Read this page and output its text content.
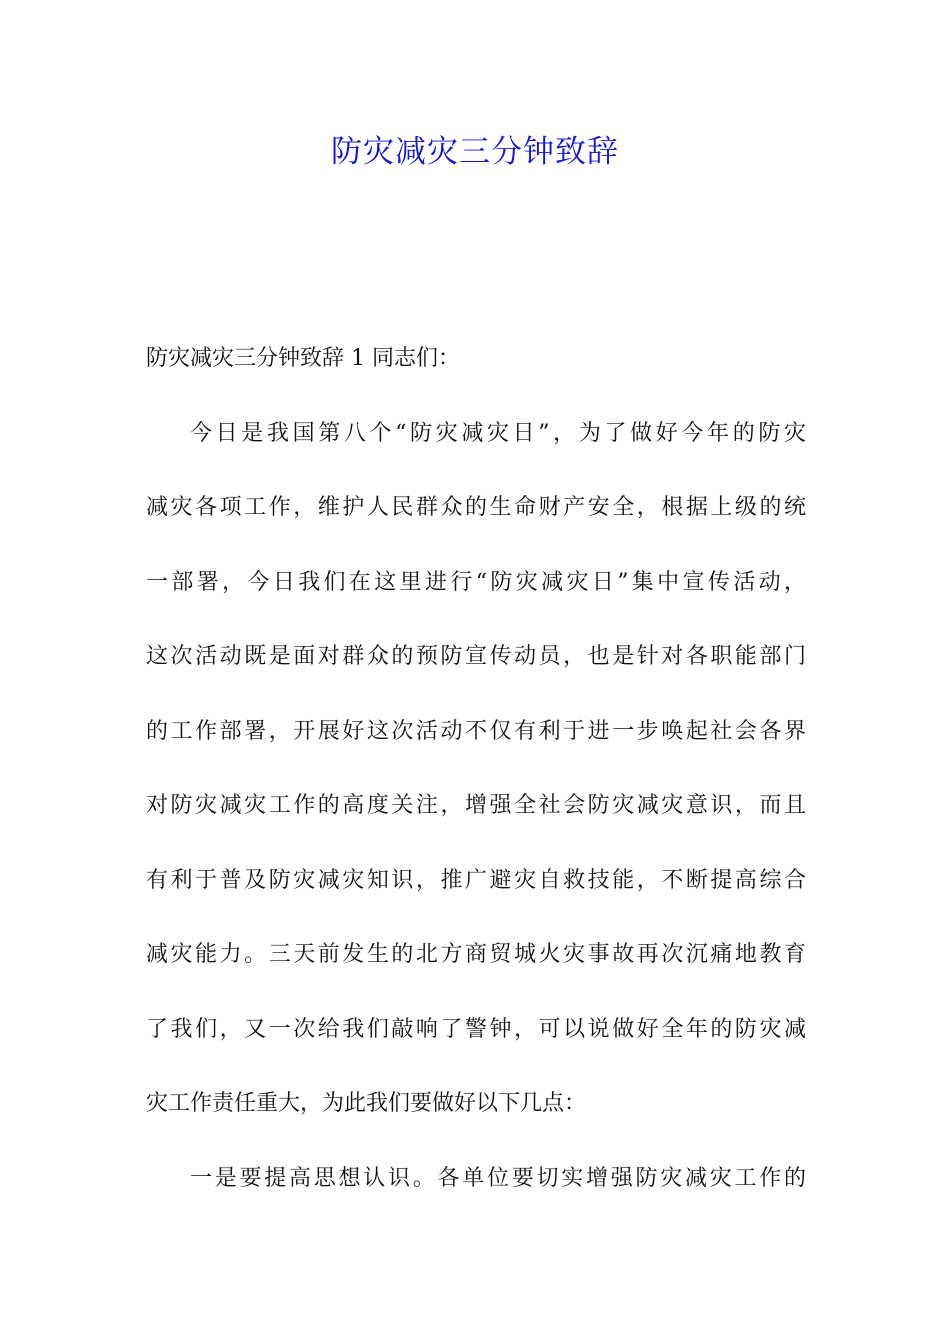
防灾减灾三分钟致辞
防灾减灾三分钟致辞 1 同志们：
今日是我国第八个“防灾减灾日”，为了做好今年的防灾
减灾各项工作，维护人民群众的生命财产安全，根据上级的统
一部署，今日我们在这里进行“防灾减灾日”集中宣传活动，
这次活动既是面对群众的预防宣传动员，也是针对各职能部门
的工作部署，开展好这次活动不仅有利于进一步唤起社会各界
对防灾减灾工作的高度关注，增强全社会防灾减灾意识，而且
有利于普及防灾减灾知识，推广避灾自救技能，不断提高综合
减灾能力。三天前发生的北方商贸城火灾事故再次沉痛地教育
了我们，又一次给我们敲响了警钟，可以说做好全年的防灾减
灾工作责任重大，为此我们要做好以下几点：
一是要提高思想认识。各单位要切实增强防灾减灾工作的
